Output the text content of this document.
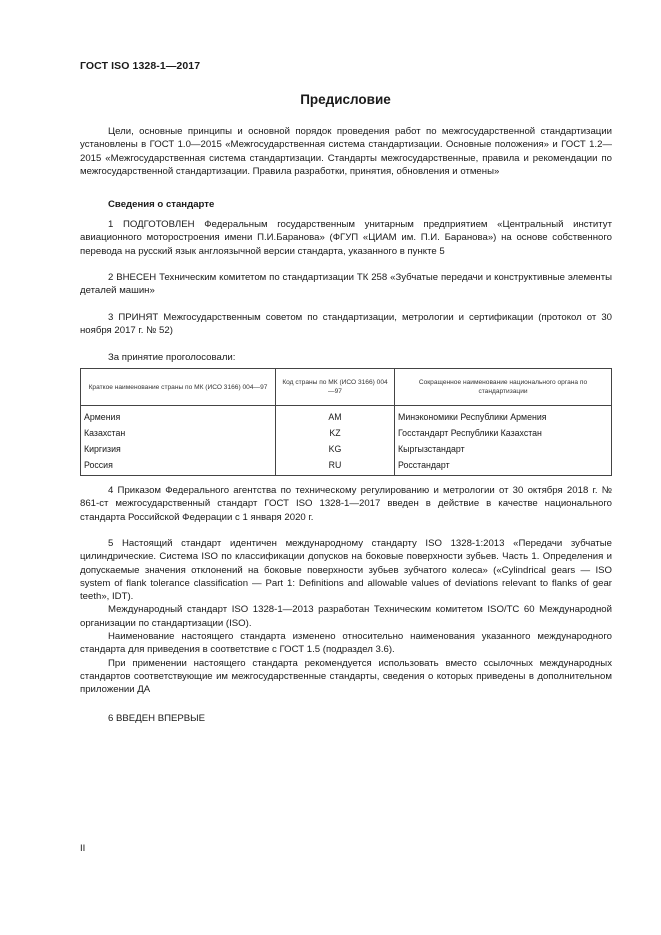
ГОСТ ISO 1328-1—2017
Предисловие

Цели, основные принципы и основной порядок проведения работ по межгосударственной стандартизации установлены в ГОСТ 1.0—2015 «Межгосударственная система стандартизации. Основные положения» и ГОСТ 1.2—2015 «Межгосударственная система стандартизации. Стандарты межгосударственные, правила и рекомендации по межгосударственной стандартизации. Правила разработки, принятия, обновления и отмены»

Сведения о стандарте

1 ПОДГОТОВЛЕН Федеральным государственным унитарным предприятием «Центральный институт авиационного моторостроения имени П.И.Баранова» (ФГУП «ЦИАМ им. П.И. Баранова») на основе собственного перевода на русский язык англоязычной версии стандарта, указанного в пункте 5

2 ВНЕСЕН Техническим комитетом по стандартизации ТК 258 «Зубчатые передачи и конструктивные элементы деталей машин»

3 ПРИНЯТ Межгосударственным советом по стандартизации, метрологии и сертификации (протокол от 30 ноября 2017 г. № 52)

За принятие проголосовали:
Краткое наименование страны по МК (ИСО 3166) 004—97	Код страны по МК (ИСО 3166) 004—97	Сокращенное наименование национального органа по стандартизации
Армения	AM	Минэкономики Республики Армения
Казахстан	KZ	Госстандарт Республики Казахстан
Киргизия	KG	Кыргызстандарт
Россия	RU	Росстандарт

4 Приказом Федерального агентства по техническому регулированию и метрологии от 30 октября 2018 г. № 861-ст межгосударственный стандарт ГОСТ ISO 1328-1—2017 введен в действие в качестве национального стандарта Российской Федерации с 1 января 2020 г.

5 Настоящий стандарт идентичен международному стандарту ISO 1328-1:2013 «Передачи зубчатые цилиндрические. Система ISO по классификации допусков на боковые поверхности зубьев. Часть 1. Определения и допускаемые значения отклонений на боковые поверхности зубьев зубчатого колеса» («Cylindrical gears — ISO system of flank tolerance classification — Part 1: Definitions and allowable values of deviations relevant to flanks of gear teeth», IDT).

Международный стандарт ISO 1328-1—2013 разработан Техническим комитетом ISO/TC 60 Международной организации по стандартизации (ISO).

Наименование настоящего стандарта изменено относительно наименования указанного международного стандарта для приведения в соответствие с ГОСТ 1.5 (подраздел 3.6).

При применении настоящего стандарта рекомендуется использовать вместо ссылочных международных стандартов соответствующие им межгосударственные стандарты, сведения о которых приведены в дополнительном приложении ДА

6 ВВЕДЕН ВПЕРВЫЕ

II
